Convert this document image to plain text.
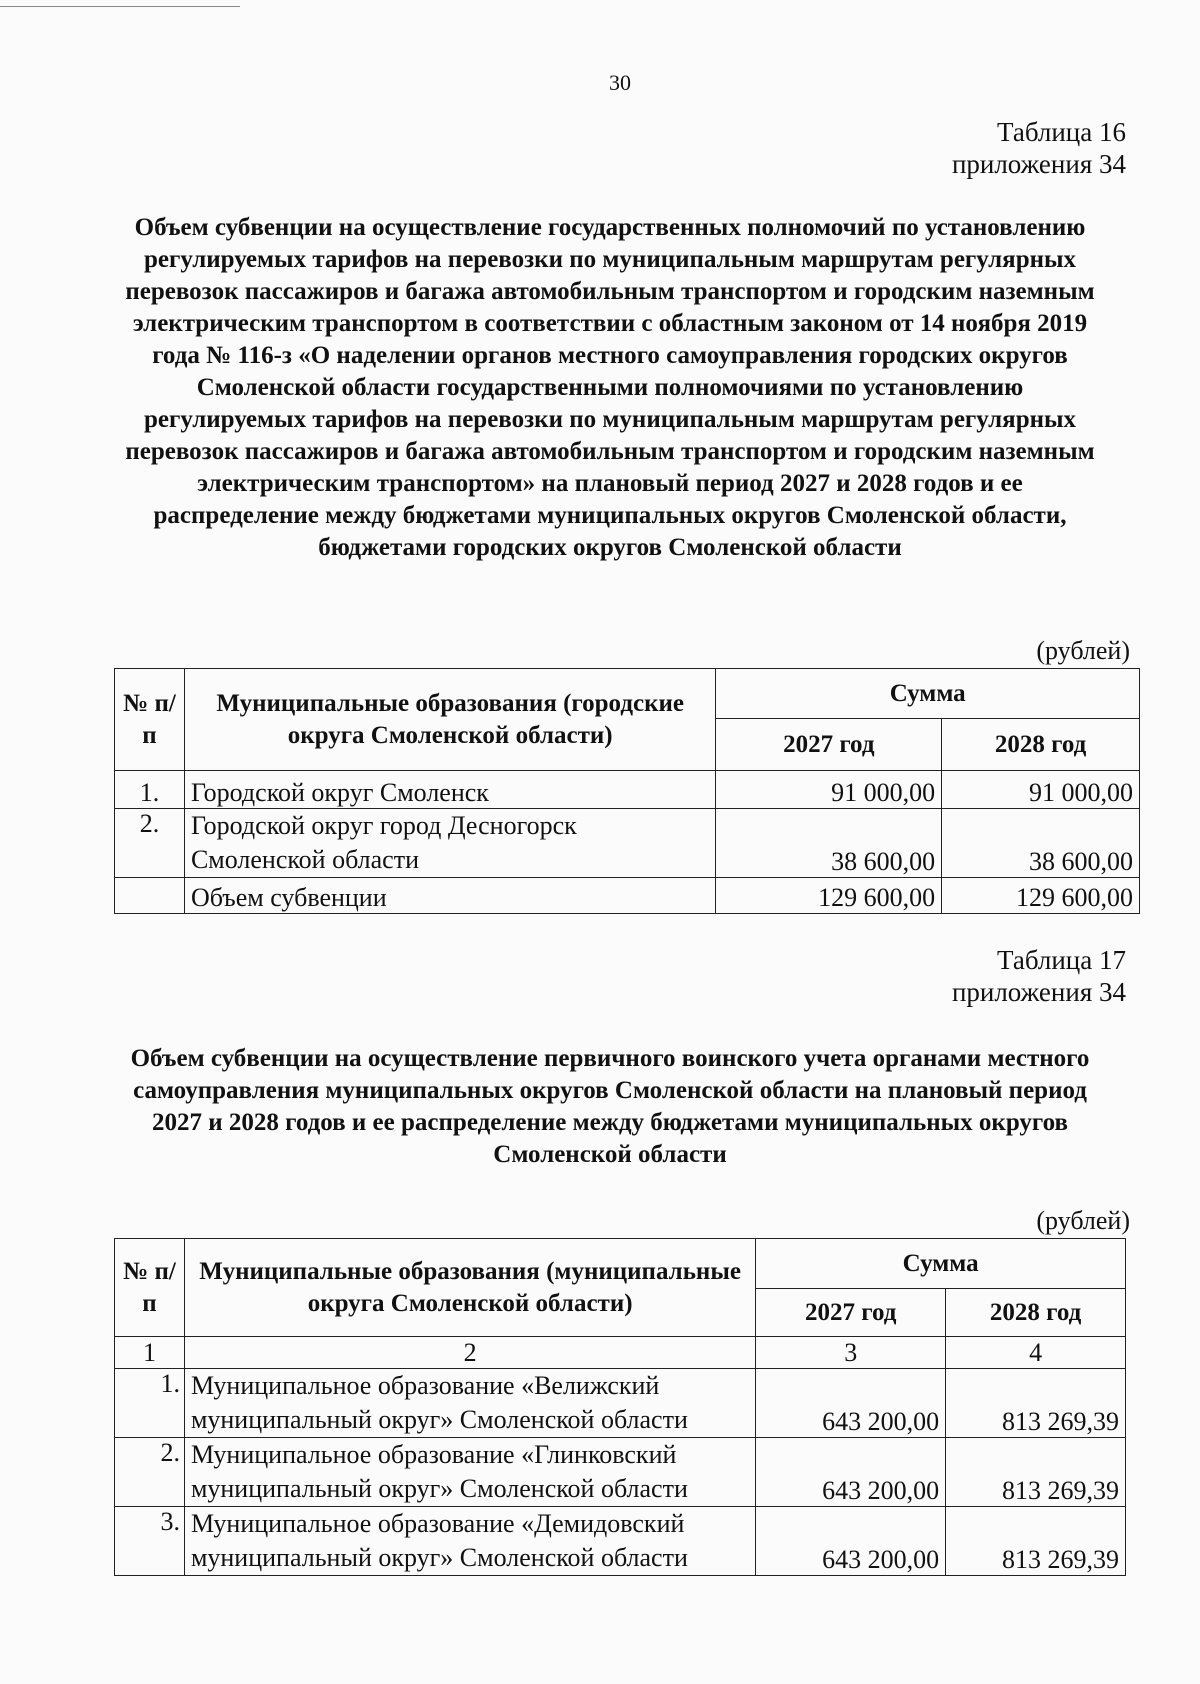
30
Таблица 16
приложения 34
Объем субвенции на осуществление государственных полномочий по установлению регулируемых тарифов на перевозки по муниципальным маршрутам регулярных перевозок пассажиров и багажа автомобильным транспортом и городским наземным электрическим транспортом в соответствии с областным законом от 14 ноября 2019 года № 116-з «О наделении органов местного самоуправления городских округов Смоленской области государственными полномочиями по установлению регулируемых тарифов на перевозки по муниципальным маршрутам регулярных перевозок пассажиров и багажа автомобильным транспортом и городским наземным электрическим транспортом» на плановый период 2027 и 2028 годов и ее распределение между бюджетами муниципальных округов Смоленской области, бюджетами городских округов Смоленской области
(рублей)
№ п/п	Муниципальные образования (городские округа Смоленской области)	Сумма	
		2027 год	2028 год
1.	Городской округ Смоленск	91 000,00	91 000,00
2.	Городской округ город Десногорск Смоленской области	38 600,00	38 600,00
	Объем субвенции	129 600,00	129 600,00
Таблица 17
приложения 34
Объем субвенции на осуществление первичного воинского учета органами местного самоуправления муниципальных округов Смоленской области на плановый период 2027 и 2028 годов и ее распределение между бюджетами муниципальных округов Смоленской области
(рублей)
№ п/п	Муниципальные образования (муниципальные округа Смоленской области)	Сумма	
		2027 год	2028 год
1	2	3	4
1.	Муниципальное образование «Велижский муниципальный округ» Смоленской области	643 200,00	813 269,39
2.	Муниципальное образование «Глинковский муниципальный округ» Смоленской области	643 200,00	813 269,39
3.	Муниципальное образование «Демидовский муниципальный округ» Смоленской области	643 200,00	813 269,39
